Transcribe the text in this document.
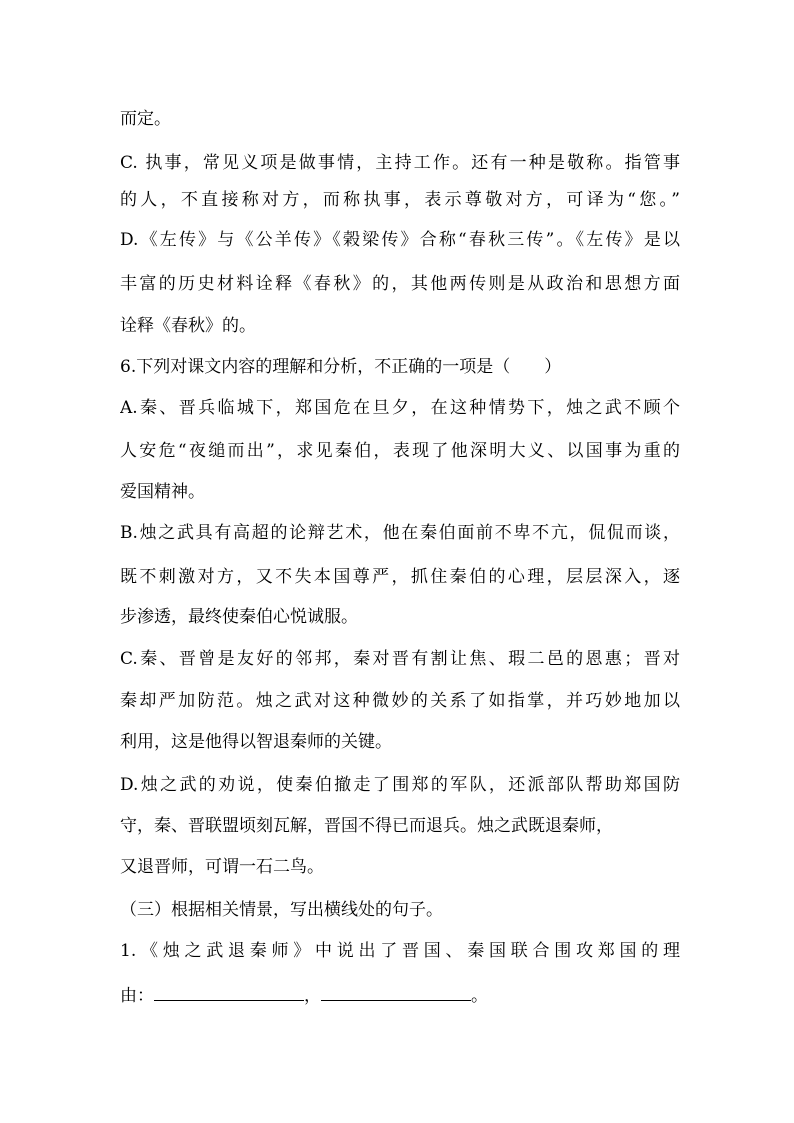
而定。
C. 执事，常见义项是做事情，主持工作。还有一种是敬称。指管事
的人，不直接称对方，而称执事，表示尊敬对方，可译为“您。”
D.《左传》与《公羊传》《榖梁传》合称“春秋三传”。《左传》是以
丰富的历史材料诠释《春秋》的，其他两传则是从政治和思想方面
诠释《春秋》的。
6.下列对课文内容的理解和分析，不正确的一项是（　　）
A.秦、晋兵临城下，郑国危在旦夕，在这种情势下，烛之武不顾个
人安危“夜缒而出”，求见秦伯，表现了他深明大义、以国事为重的
爱国精神。
B.烛之武具有高超的论辩艺术，他在秦伯面前不卑不亢，侃侃而谈，
既不刺激对方，又不失本国尊严，抓住秦伯的心理，层层深入，逐
步渗透，最终使秦伯心悦诚服。
C.秦、晋曾是友好的邻邦，秦对晋有割让焦、瑕二邑的恩惠；晋对
秦却严加防范。烛之武对这种微妙的关系了如指掌，并巧妙地加以
利用，这是他得以智退秦师的关键。
D.烛之武的劝说，使秦伯撤走了围郑的军队，还派部队帮助郑国防
守，秦、晋联盟顷刻瓦解，晋国不得已而退兵。烛之武既退秦师，
又退晋师，可谓一石二鸟。
（三）根据相关情景，写出横线处的句子。
1.《烛之武退秦师》中说出了晋国、秦国联合围攻郑国的理
由：	，	。
